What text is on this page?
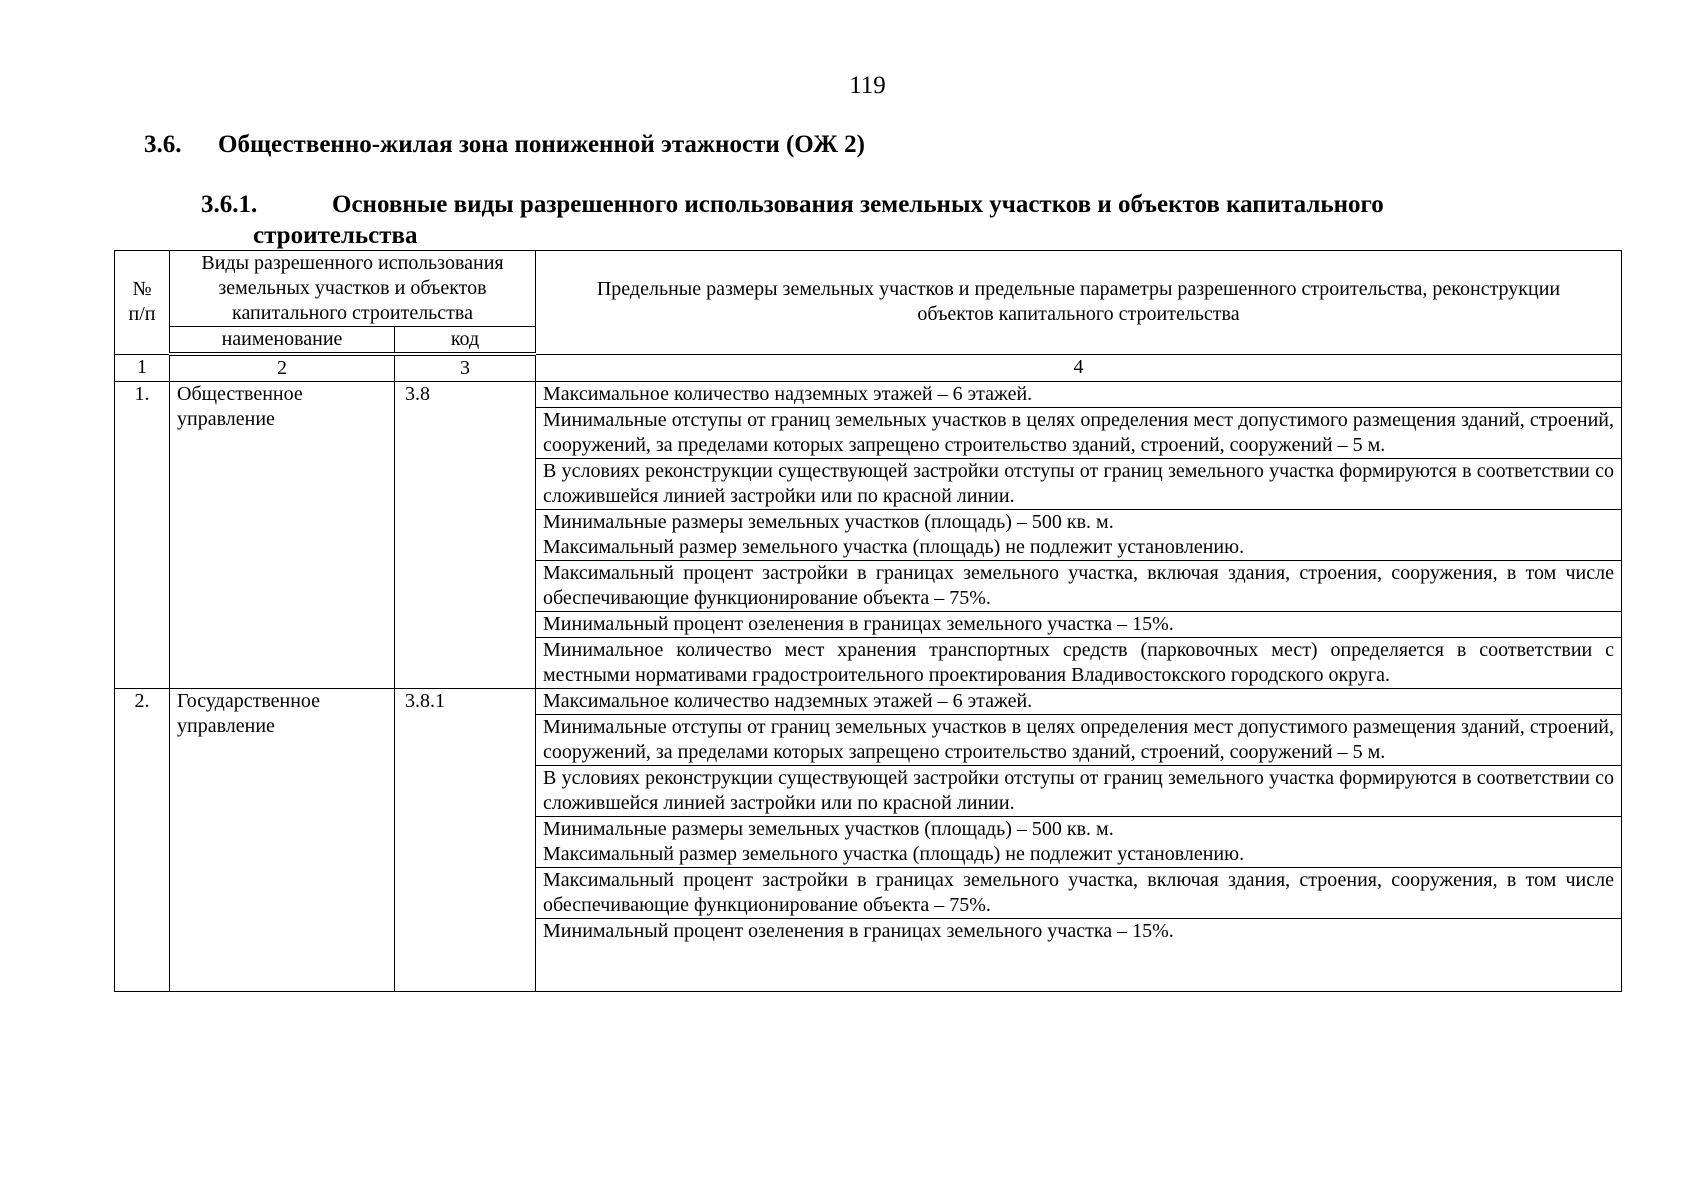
119
3.6. Общественно-жилая зона пониженной этажности (ОЖ 2)
3.6.1.	Основные виды разрешенного использования земельных участков и объектов капитального
строительства
№ п/п	Виды разрешенного использования земельных участков и объектов капитального строительства		Предельные размеры земельных участков и предельные параметры разрешенного строительства, реконструкции объектов капитального строительства
	наименование	код	
1	2	3	4
1.	Общественное управление	3.8	Максимальное количество надземных этажей – 6 этажей.
			Минимальные отступы от границ земельных участков в целях определения мест допустимого размещения зданий, строений, сооружений, за пределами которых запрещено строительство зданий, строений, сооружений – 5 м.
			В условиях реконструкции существующей застройки отступы от границ земельного участка формируются в соответствии со сложившейся линией застройки или по красной линии.
			Минимальные размеры земельных участков (площадь) – 500 кв. м.
Максимальный размер земельного участка (площадь) не подлежит установлению.
			Максимальный процент застройки в границах земельного участка, включая здания, строения, сооружения, в том числе обеспечивающие функционирование объекта – 75%.
			Минимальный процент озеленения в границах земельного участка – 15%.
			Минимальное количество мест хранения транспортных средств (парковочных мест) определяется в соответствии с местными нормативами градостроительного проектирования Владивостокского городского округа.
2.	Государственное управление	3.8.1	Максимальное количество надземных этажей – 6 этажей.
			Минимальные отступы от границ земельных участков в целях определения мест допустимого размещения зданий, строений, сооружений, за пределами которых запрещено строительство зданий, строений, сооружений – 5 м.
			В условиях реконструкции существующей застройки отступы от границ земельного участка формируются в соответствии со сложившейся линией застройки или по красной линии.
			Минимальные размеры земельных участков (площадь) – 500 кв. м.
Максимальный размер земельного участка (площадь) не подлежит установлению.
			Максимальный процент застройки в границах земельного участка, включая здания, строения, сооружения, в том числе обеспечивающие функционирование объекта – 75%.
			Минимальный процент озеленения в границах земельного участка – 15%.
